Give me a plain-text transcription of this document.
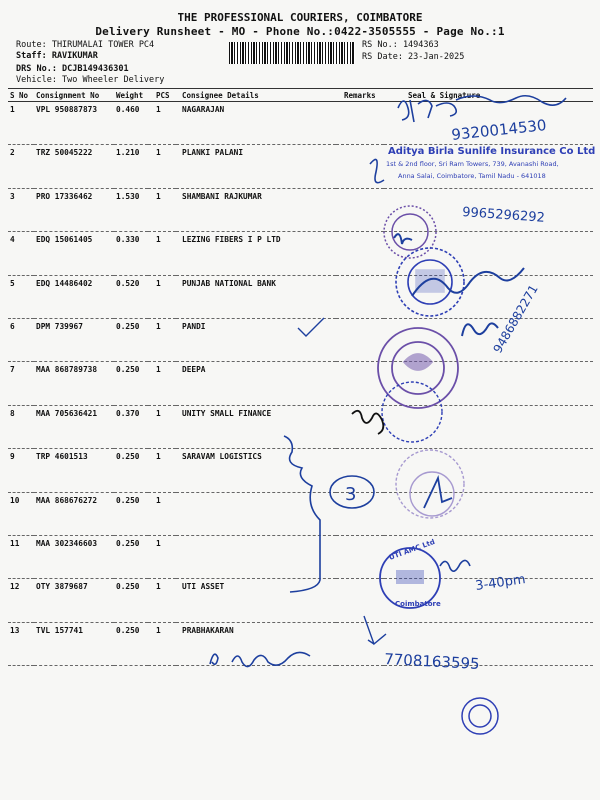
THE PROFESSIONAL COURIERS, COIMBATORE
Delivery Runsheet - MO - Phone No.:0422-3505555 - Page No.:1
Route: THIRUMALAI TOWER PC4
Staff: RAVIKUMAR
DRS No.: DCJB149436301
Vehicle: Two Wheeler Delivery
RS No.: 1494363
RS Date: 23-Jan-2025
S No	Consignment No	Weight	PCS	Consignee Details	Remarks	Seal & Signature
1	VPL 950887873	0.460	1	NAGARAJAN		
2	TRZ 50045222	1.210	1	PLANKI PALANI		
3	PRO 17336462	1.530	1	SHAMBANI RAJKUMAR		
4	EDQ 15061405	0.330	1	LEZING FIBERS I P LTD		
5	EDQ 14486402	0.520	1	PUNJAB NATIONAL BANK		
6	DPM 739967	0.250	1	PANDI		
7	MAA 868789738	0.250	1	DEEPA		
8	MAA 705636421	0.370	1	UNITY SMALL FINANCE		
9	TRP 4601513	0.250	1	SARAVAM LOGISTICS		
10	MAA 868676272	0.250	1			
11	MAA 302346603	0.250	1			
12	OTY 3879687	0.250	1	UTI ASSET		
13	TVL 157741	0.250	1	PRABHAKARAN		
9320014530
Aditya Birla Sunlife Insurance Co Ltd
1st & 2nd floor, Sri Ram Towers, 739, Avanashi Road,
Anna Salai, Coimbatore, Tamil Nadu - 641018
9965296292
9486882271
3
UTI AMC Ltd
Coimbatore
3-40pm
7708163595
